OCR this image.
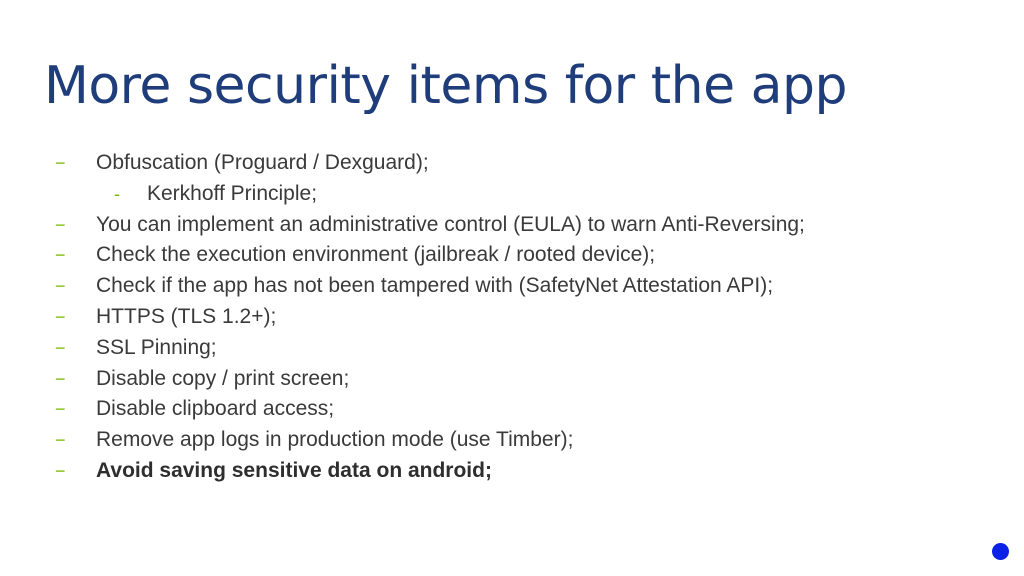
More security items for the app
− Obfuscation (Proguard / Dexguard);
- Kerkhoff Principle;
− You can implement an administrative control (EULA) to warn Anti-Reversing;
− Check the execution environment (jailbreak / rooted device);
− Check if the app has not been tampered with (SafetyNet Attestation API);
− HTTPS (TLS 1.2+);
− SSL Pinning;
− Disable copy / print screen;
− Disable clipboard access;
− Remove app logs in production mode (use Timber);
− Avoid saving sensitive data on android;
